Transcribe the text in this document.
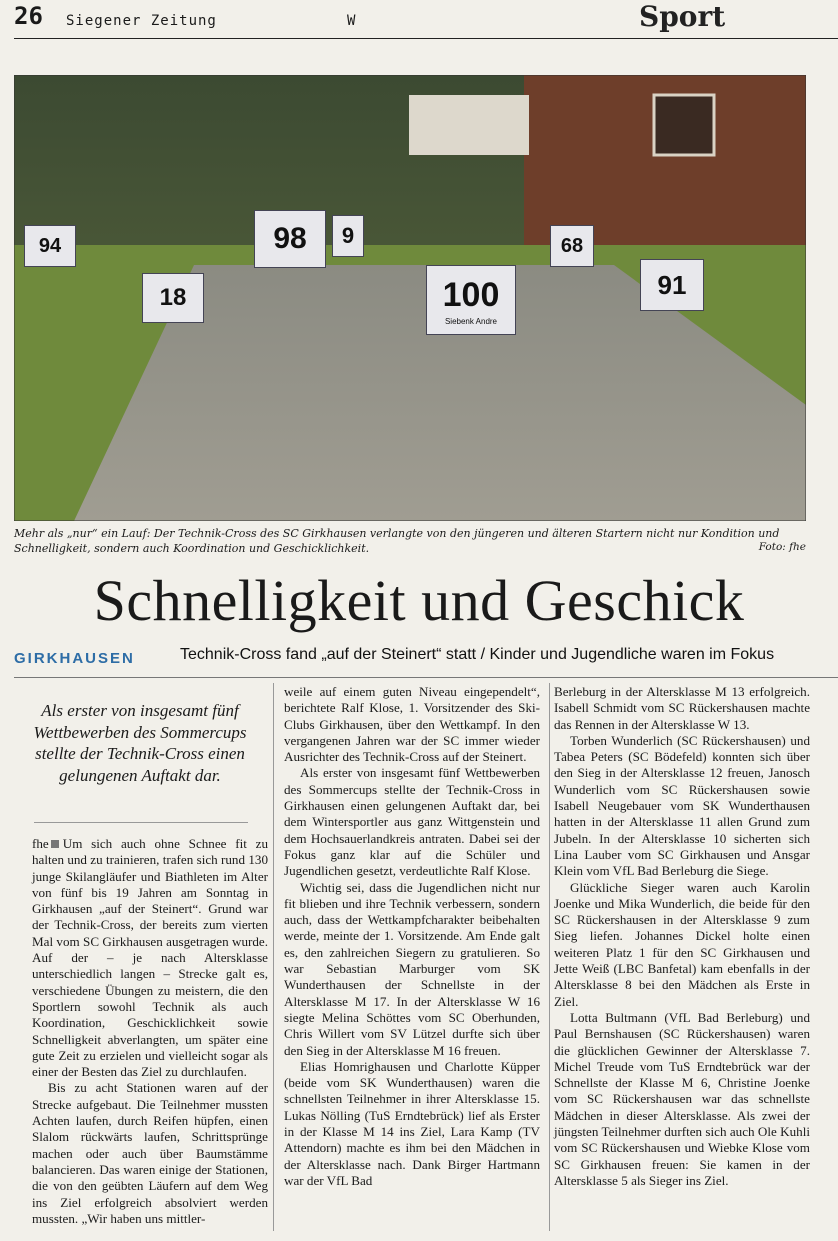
26 Siegener Zeitung	W	Sport
94
18
98	9
100
Siebenk Andre
68
91
Mehr als „nur“ ein Lauf: Der Technik-Cross des SC Girkhausen verlangte von den jüngeren und älteren Startern nicht nur Kondition und Schnelligkeit, sondern auch Koordination und Geschicklichkeit.	Foto: fhe
Schnelligkeit und Geschick
GIRKHAUSEN	Technik-Cross fand „auf der Steinert“ statt / Kinder und Jugendliche waren im Fokus
Als erster von insgesamt fünf Wettbewerben des Sommercups stellte der Technik-Cross einen gelungenen Auftakt dar.

fhe Um sich auch ohne Schnee fit zu halten und zu trainieren, trafen sich rund 130 junge Skilangläufer und Biathleten im Alter von fünf bis 19 Jahren am Sonntag in Girkhausen „auf der Steinert“. Grund war der Technik-Cross, der bereits zum vierten Mal vom SC Girkhausen ausgetragen wurde. Auf der – je nach Altersklasse unterschiedlich langen – Strecke galt es, verschiedene Übungen zu meistern, die den Sportlern sowohl Technik als auch Koordination, Geschicklichkeit sowie Schnelligkeit abverlangten, um später eine gute Zeit zu erzielen und vielleicht sogar als einer der Besten das Ziel zu durchlaufen.

Bis zu acht Stationen waren auf der Strecke aufgebaut. Die Teilnehmer mussten Achten laufen, durch Reifen hüpfen, einen Slalom rückwärts laufen, Schrittsprünge machen oder auch über Baumstämme balancieren. Das waren einige der Stationen, die von den geübten Läufern auf dem Weg ins Ziel erfolgreich absolviert werden mussten. „Wir haben uns mittler-

weile auf einem guten Niveau eingependelt“, berichtete Ralf Klose, 1. Vorsitzender des Ski-Clubs Girkhausen, über den Wettkampf. In den vergangenen Jahren war der SC immer wieder Ausrichter des Technik-Cross auf der Steinert.

Als erster von insgesamt fünf Wettbewerben des Sommercups stellte der Technik-Cross in Girkhausen einen gelungenen Auftakt dar, bei dem Wintersportler aus ganz Wittgenstein und dem Hochsauerlandkreis antraten. Dabei sei der Fokus ganz klar auf die Schüler und Jugendlichen gesetzt, verdeutlichte Ralf Klose.

Wichtig sei, dass die Jugendlichen nicht nur fit blieben und ihre Technik verbessern, sondern auch, dass der Wettkampfcharakter beibehalten werde, meinte der 1. Vorsitzende. Am Ende galt es, den zahlreichen Siegern zu gratulieren. So war Sebastian Marburger vom SK Wunderthausen der Schnellste in der Altersklasse M 17. In der Altersklasse W 16 siegte Melina Schöttes vom SC Oberhunden, Chris Willert vom SV Lützel durfte sich über den Sieg in der Altersklasse M 16 freuen.

Elias Homrighausen und Charlotte Küpper (beide vom SK Wunderthausen) waren die schnellsten Teilnehmer in ihrer Altersklasse 15. Lukas Nölling (TuS Erndtebrück) lief als Erster in der Klasse M 14 ins Ziel, Lara Kamp (TV Attendorn) machte es ihm bei den Mädchen in der Altersklasse nach. Dank Birger Hartmann war der VfL Bad

Berleburg in der Altersklasse M 13 erfolgreich. Isabell Schmidt vom SC Rückershausen machte das Rennen in der Altersklasse W 13.

Torben Wunderlich (SC Rückershausen) und Tabea Peters (SC Bödefeld) konnten sich über den Sieg in der Altersklasse 12 freuen, Janosch Wunderlich vom SC Rückershausen sowie Isabell Neugebauer vom SK Wunderthausen hatten in der Altersklasse 11 allen Grund zum Jubeln. In der Altersklasse 10 sicherten sich Lina Lauber vom SC Girkhausen und Ansgar Klein vom VfL Bad Berleburg die Siege.

Glückliche Sieger waren auch Karolin Joenke und Mika Wunderlich, die beide für den SC Rückershausen in der Altersklasse 9 zum Sieg liefen. Johannes Dickel holte einen weiteren Platz 1 für den SC Girkhausen und Jette Weiß (LBC Banfetal) kam ebenfalls in der Altersklasse 8 bei den Mädchen als Erste in Ziel.

Lotta Bultmann (VfL Bad Berleburg) und Paul Bernshausen (SC Rückershausen) waren die glücklichen Gewinner der Altersklasse 7. Michel Treude vom TuS Erndtebrück war der Schnellste der Klasse M 6, Christine Joenke vom SC Rückershausen war das schnellste Mädchen in dieser Altersklasse. Als zwei der jüngsten Teilnehmer durften sich auch Ole Kuhli vom SC Rückershausen und Wiebke Klose vom SC Girkhausen freuen: Sie kamen in der Altersklasse 5 als Sieger ins Ziel.
